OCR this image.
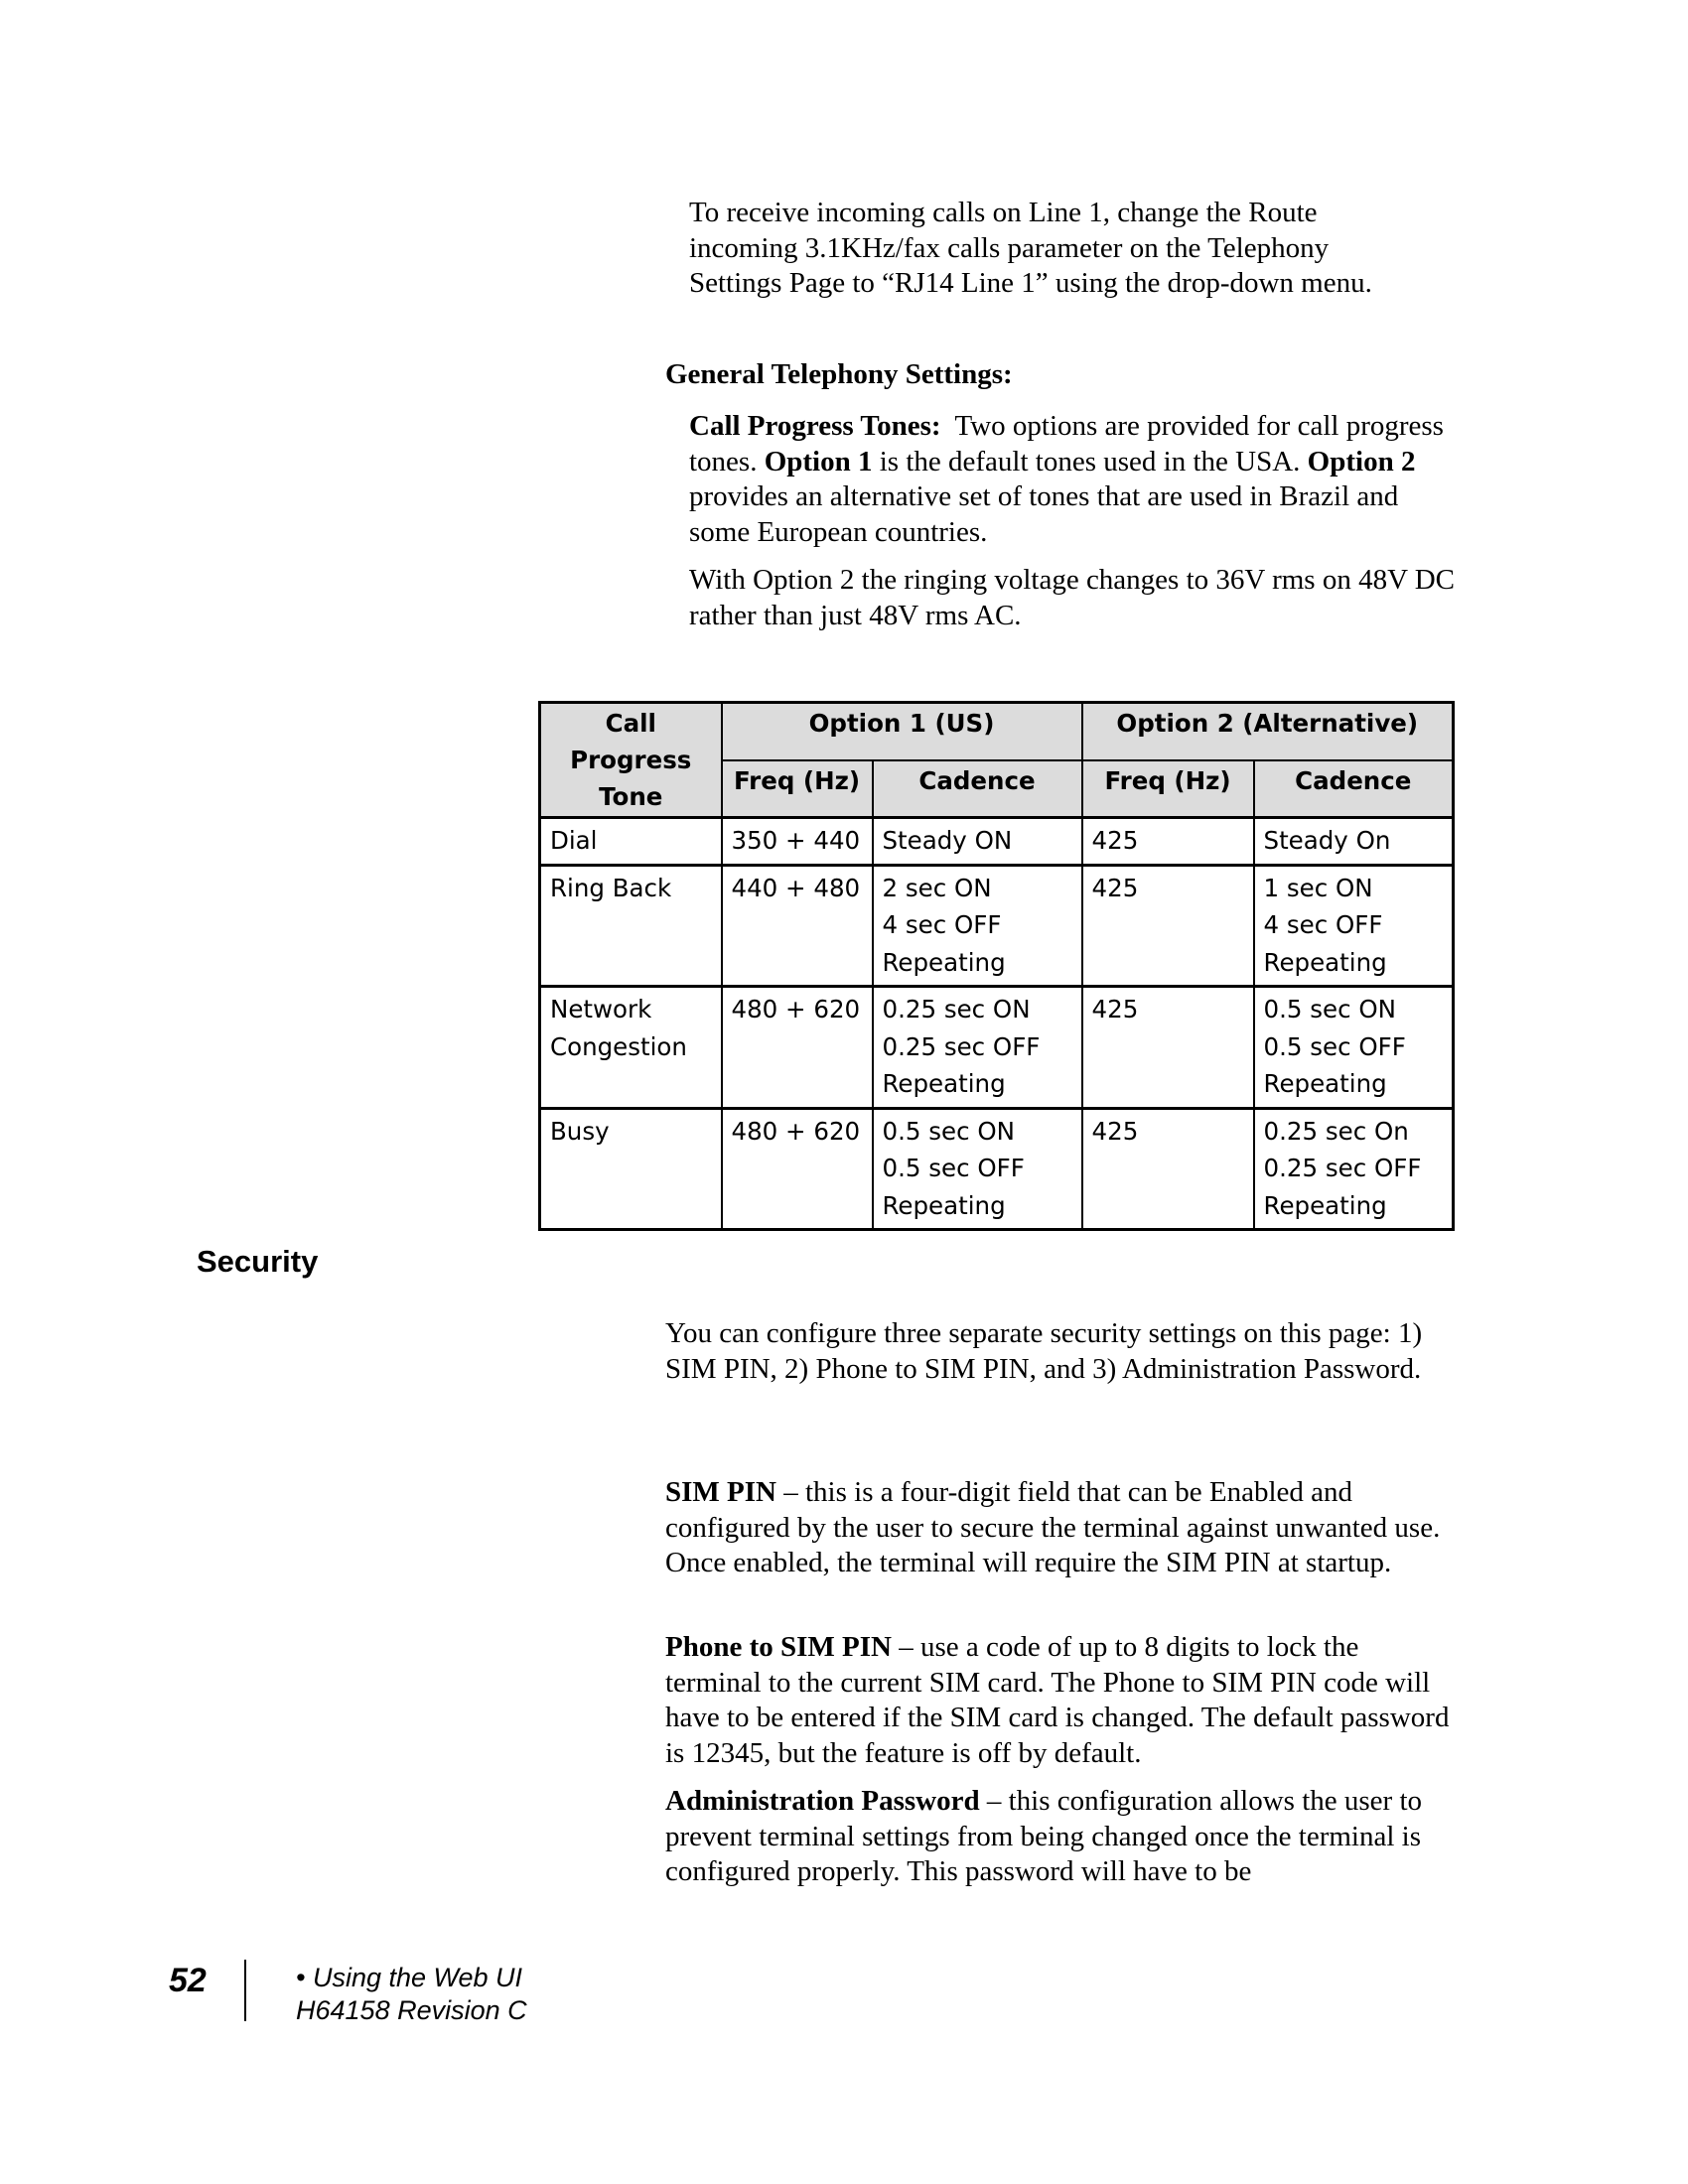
To receive incoming calls on Line 1, change the Route
incoming 3.1KHz/fax calls parameter on the Telephony
Settings Page to “RJ14 Line 1” using the drop-down menu.

General Telephony Settings:

Call Progress Tones: Two options are provided for call progress tones. Option 1 is the default tones used in the USA. Option 2 provides an alternative set of tones that are used in Brazil and some European countries.

With Option 2 the ringing voltage changes to 36V rms on 48V DC rather than just 48V rms AC.

Call Progress Tone	Option 1 (US)		Option 2 (Alternative)	
	Freq (Hz)	Cadence	Freq (Hz)	Cadence

Dial	350 + 440	Steady ON	425	Steady On

Ring Back	440 + 480	2 sec ON
4 sec OFF
Repeating	425	1 sec ON
4 sec OFF
Repeating

Network
Congestion	480 + 620	0.25 sec ON
0.25 sec OFF
Repeating	425	0.5 sec ON
0.5 sec OFF
Repeating

Busy	480 + 620	0.5 sec ON
0.5 sec OFF
Repeating	425	0.25 sec On
0.25 sec OFF
Repeating
Security

You can configure three separate security settings on this page: 1) SIM PIN, 2) Phone to SIM PIN, and 3) Administration Password.

SIM PIN – this is a four-digit field that can be Enabled and configured by the user to secure the terminal against unwanted use. Once enabled, the terminal will require the SIM PIN at startup.

Phone to SIM PIN – use a code of up to 8 digits to lock the terminal to the current SIM card. The Phone to SIM PIN code will have to be entered if the SIM card is changed. The default password is 12345, but the feature is off by default.

Administration Password – this configuration allows the user to prevent terminal settings from being changed once the terminal is configured properly. This password will have to be

52	• Using the Web UI
H64158 Revision C
